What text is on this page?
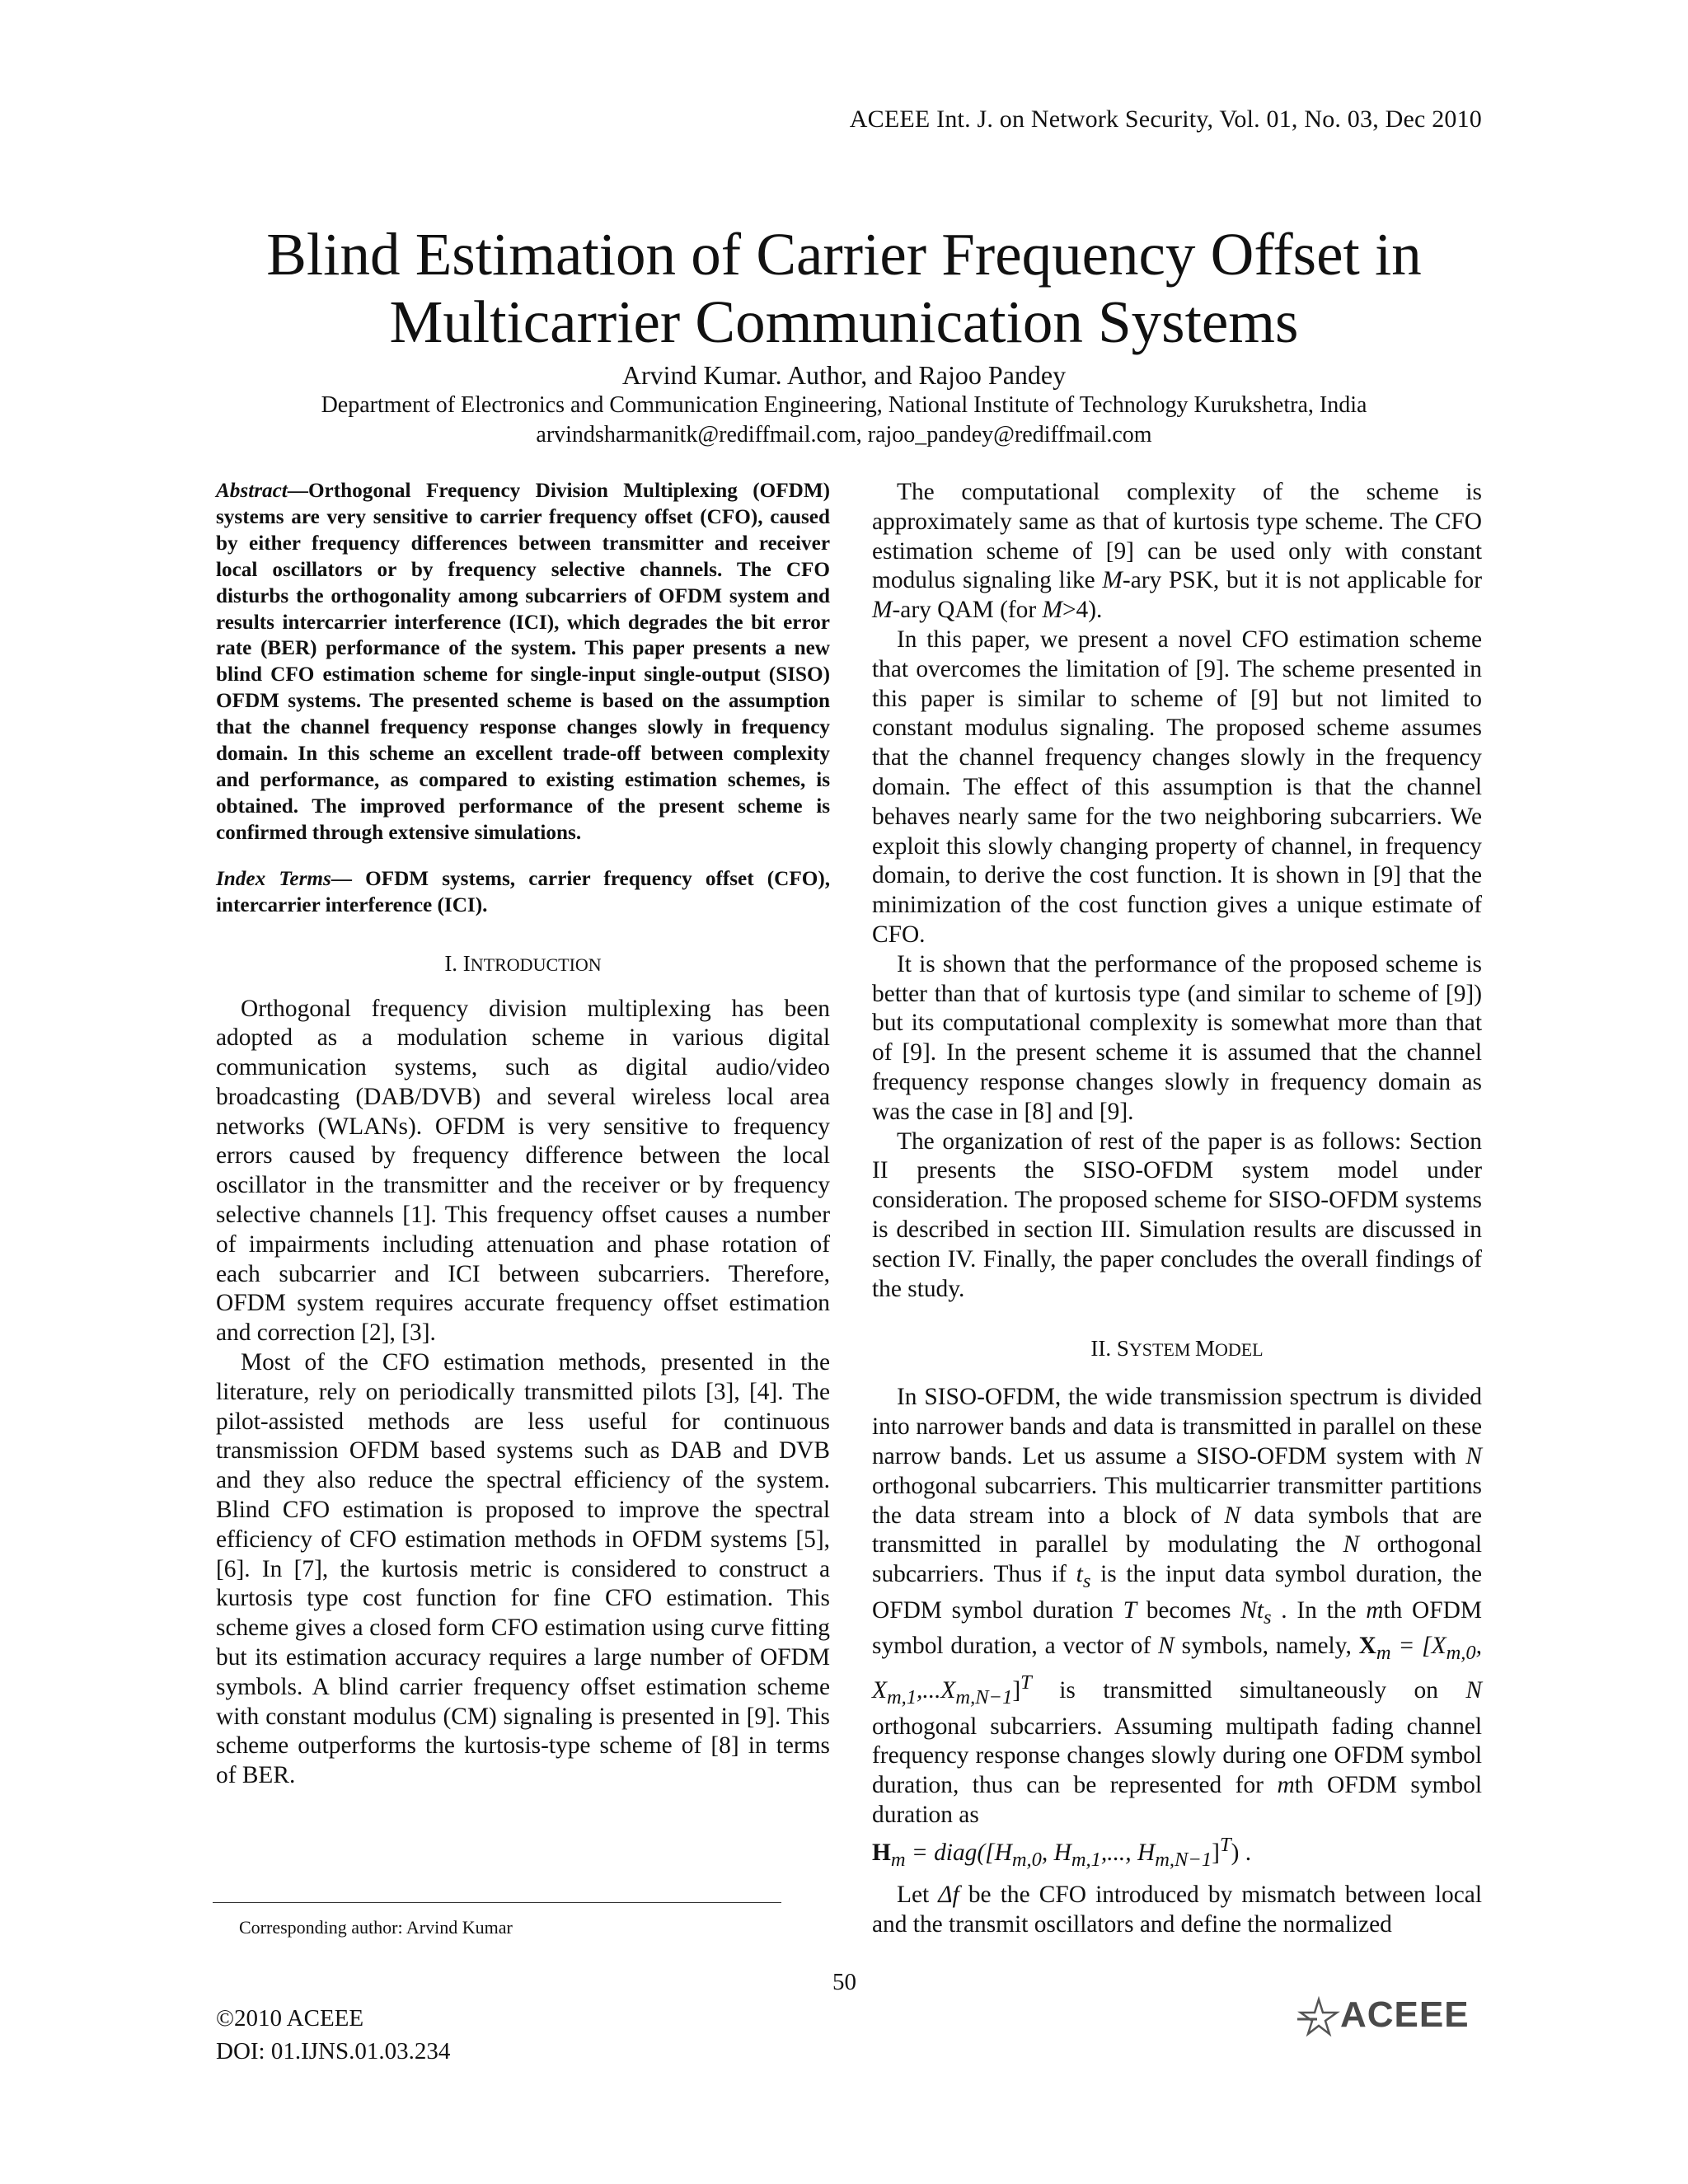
ACEEE Int. J. on Network Security, Vol. 01, No. 03, Dec 2010
Blind Estimation of Carrier Frequency Offset in
Multicarrier Communication Systems
Arvind Kumar. Author, and Rajoo Pandey
Department of Electronics and Communication Engineering, National Institute of Technology Kurukshetra, India
arvindsharmanitk@rediffmail.com, rajoo_pandey@rediffmail.com

Abstract—Orthogonal Frequency Division Multiplexing (OFDM) systems are very sensitive to carrier frequency offset (CFO), caused by either frequency differences between transmitter and receiver local oscillators or by frequency selective channels. The CFO disturbs the orthogonality among subcarriers of OFDM system and results intercarrier interference (ICI), which degrades the bit error rate (BER) performance of the system. This paper presents a new blind CFO estimation scheme for single-input single-output (SISO) OFDM systems. The presented scheme is based on the assumption that the channel frequency response changes slowly in frequency domain. In this scheme an excellent trade-off between complexity and performance, as compared to existing estimation schemes, is obtained. The improved performance of the present scheme is confirmed through extensive simulations.

Index Terms— OFDM systems, carrier frequency offset (CFO), intercarrier interference (ICI).

I. INTRODUCTION

Orthogonal frequency division multiplexing has been adopted as a modulation scheme in various digital communication systems, such as digital audio/video broadcasting (DAB/DVB) and several wireless local area networks (WLANs). OFDM is very sensitive to frequency errors caused by frequency difference between the local oscillator in the transmitter and the receiver or by frequency selective channels [1]. This frequency offset causes a number of impairments including attenuation and phase rotation of each subcarrier and ICI between subcarriers. Therefore, OFDM system requires accurate frequency offset estimation and correction [2], [3].

Most of the CFO estimation methods, presented in the literature, rely on periodically transmitted pilots [3], [4]. The pilot-assisted methods are less useful for continuous transmission OFDM based systems such as DAB and DVB and they also reduce the spectral efficiency of the system. Blind CFO estimation is proposed to improve the spectral efficiency of CFO estimation methods in OFDM systems [5], [6]. In [7], the kurtosis metric is considered to construct a kurtosis type cost function for fine CFO estimation. This scheme gives a closed form CFO estimation using curve fitting but its estimation accuracy requires a large number of OFDM symbols. A blind carrier frequency offset estimation scheme with constant modulus (CM) signaling is presented in [9]. This scheme outperforms the kurtosis-type scheme of [8] in terms of BER.

The computational complexity of the scheme is approximately same as that of kurtosis type scheme. The CFO estimation scheme of [9] can be used only with constant modulus signaling like M-ary PSK, but it is not applicable for M-ary QAM (for M>4).

In this paper, we present a novel CFO estimation scheme that overcomes the limitation of [9]. The scheme presented in this paper is similar to scheme of [9] but not limited to constant modulus signaling. The proposed scheme assumes that the channel frequency changes slowly in the frequency domain. The effect of this assumption is that the channel behaves nearly same for the two neighboring subcarriers. We exploit this slowly changing property of channel, in frequency domain, to derive the cost function. It is shown in [9] that the minimization of the cost function gives a unique estimate of CFO.

It is shown that the performance of the proposed scheme is better than that of kurtosis type (and similar to scheme of [9]) but its computational complexity is somewhat more than that of [9]. In the present scheme it is assumed that the channel frequency response changes slowly in frequency domain as was the case in [8] and [9].

The organization of rest of the paper is as follows: Section II presents the SISO-OFDM system model under consideration. The proposed scheme for SISO-OFDM systems is described in section III. Simulation results are discussed in section IV. Finally, the paper concludes the overall findings of the study.

II. SYSTEM MODEL

In SISO-OFDM, the wide transmission spectrum is divided into narrower bands and data is transmitted in parallel on these narrow bands. Let us assume a SISO-OFDM system with N orthogonal subcarriers. This multicarrier transmitter partitions the data stream into a block of N data symbols that are transmitted in parallel by modulating the N orthogonal subcarriers. Thus if $t_s$ is the input data symbol duration, the OFDM symbol duration T becomes $Nt_s$ . In the mth OFDM symbol duration, a vector of N symbols, namely, $X_m = [X_{m,0}$, $X_{m,1},...X_{m,N-1}]^T$ is transmitted simultaneously on N orthogonal subcarriers. Assuming multipath fading channel frequency response changes slowly during one OFDM symbol duration, thus can be represented for mth OFDM symbol duration as
$H_m$ = $diag([H_{m,0}$, $H_{m,1}$,..., $H_{m,N-1}]^T$) .

Let Δf be the CFO introduced by mismatch between local and the transmit oscillators and define the normalized

Corresponding author: Arvind Kumar
50
©2010 ACEEE
DOI: 01.IJNS.01.03.234
ACEEE
